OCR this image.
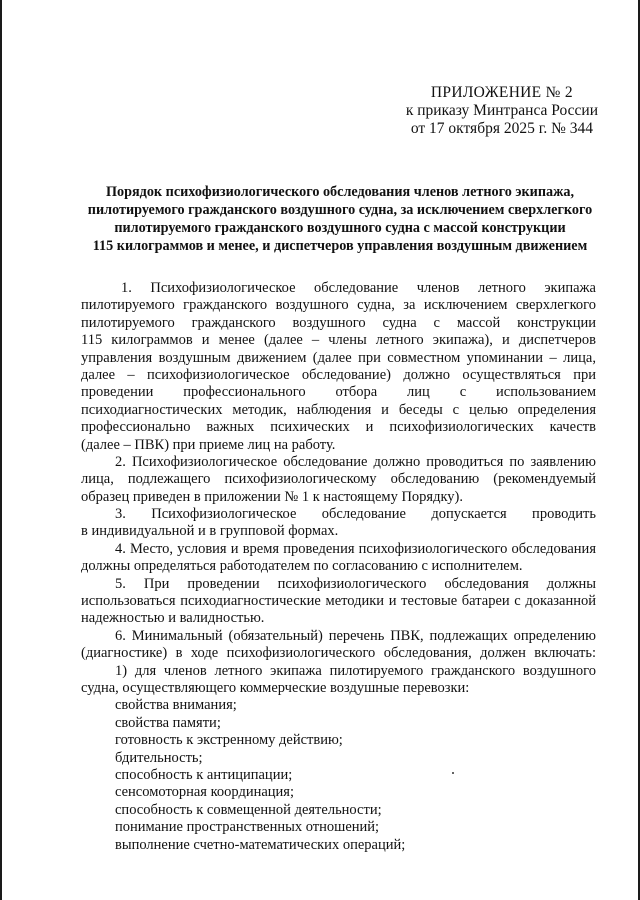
ПРИЛОЖЕНИЕ № 2
к приказу Минтранса России
от 17 октября 2025 г. № 344
Порядок психофизиологического обследования членов летного экипажа,
пилотируемого гражданского воздушного судна, за исключением сверхлегкого
пилотируемого гражданского воздушного судна с массой конструкции
115 килограммов и менее, и диспетчеров управления воздушным движением
1. Психофизиологическое обследование членов летного экипажа
пилотируемого гражданского воздушного судна, за исключением сверхлегкого
пилотируемого гражданского воздушного судна с массой конструкции
115 килограммов и менее (далее – члены летного экипажа), и диспетчеров
управления воздушным движением (далее при совместном упоминании – лица,
далее – психофизиологическое обследование) должно осуществляться при
проведении профессионального отбора лиц с использованием
психодиагностических методик, наблюдения и беседы с целью определения
профессионально важных психических и психофизиологических качеств
(далее – ПВК) при приеме лиц на работу.
2. Психофизиологическое обследование должно проводиться по заявлению
лица, подлежащего психофизиологическому обследованию (рекомендуемый
образец приведен в приложении № 1 к настоящему Порядку).
3. Психофизиологическое обследование допускается проводить
в индивидуальной и в групповой формах.
4. Место, условия и время проведения психофизиологического обследования
должны определяться работодателем по согласованию с исполнителем.
5. При проведении психофизиологического обследования должны
использоваться психодиагностические методики и тестовые батареи с доказанной
надежностью и валидностью.
6. Минимальный (обязательный) перечень ПВК, подлежащих определению
(диагностике) в ходе психофизиологического обследования, должен включать:
1) для членов летного экипажа пилотируемого гражданского воздушного
судна, осуществляющего коммерческие воздушные перевозки:
свойства внимания;
свойства памяти;
готовность к экстренному действию;
бдительность;
способность к антиципации;
сенсомоторная координация;
способность к совмещенной деятельности;
понимание пространственных отношений;
выполнение счетно-математических операций;
